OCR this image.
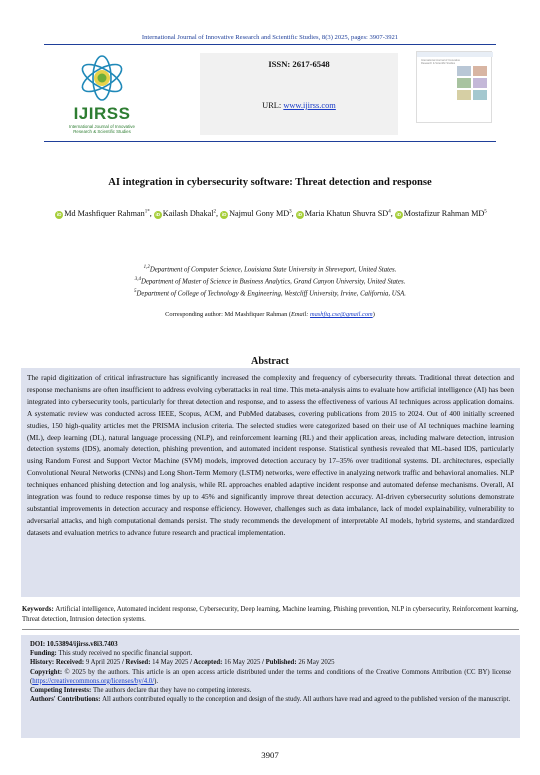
International Journal of Innovative Research and Scientific Studies, 8(3) 2025, pages: 3907-3921
IJIRSS
International Journal of Innovative
Research & Scientific Studies
ISSN: 2617-6548
URL: www.ijirss.com
International Journal of Innovative
Research & Scientific Studies
AI integration in cybersecurity software: Threat detection and response
iD Md Mashfiquer Rahman$^{1*}$, iD Kailash Dhakal$^2$, iD Najmul Gony $MD^3$, iD Maria Khatun Shuvra $SD^4$, iD Mostafizur Rahman $MD^5$
$^{1,2}$Department of Computer Science, Louisiana State University in Shreveport, United States.
$^{3,4}$Department of Master of Science in Business Analytics, Grand Canyon University, United States.
$^5$Department of College of Technology & Engineering, Westcliff University, Irvine, California, USA.
Corresponding author: Md Mashfiquer Rahman (Email: mashfiq.cse@gmail.com)
Abstract

The rapid digitization of critical infrastructure has significantly increased the complexity and frequency of cybersecurity threats. Traditional threat detection and response mechanisms are often insufficient to address evolving cyberattacks in real time. This meta-analysis aims to evaluate how artificial intelligence (AI) has been integrated into cybersecurity tools, particularly for threat detection and response, and to assess the effectiveness of various AI techniques across application domains. A systematic review was conducted across IEEE, Scopus, ACM, and PubMed databases, covering publications from 2015 to 2024. Out of 400 initially screened studies, 150 high-quality articles met the PRISMA inclusion criteria. The selected studies were categorized based on their use of AI techniques machine learning (ML), deep learning (DL), natural language processing (NLP), and reinforcement learning (RL) and their application areas, including malware detection, intrusion detection systems (IDS), anomaly detection, phishing prevention, and automated incident response. Statistical synthesis revealed that ML-based IDS, particularly using Random Forest and Support Vector Machine (SVM) models, improved detection accuracy by 17–35% over traditional systems. DL architectures, especially Convolutional Neural Networks (CNNs) and Long Short-Term Memory (LSTM) networks, were effective in analyzing network traffic and behavioral anomalies. NLP techniques enhanced phishing detection and log analysis, while RL approaches enabled adaptive incident response and automated defense mechanisms. Overall, AI integration was found to reduce response times by up to 45% and significantly improve threat detection accuracy. AI-driven cybersecurity solutions demonstrate substantial improvements in detection accuracy and response efficiency. However, challenges such as data imbalance, lack of model explainability, vulnerability to adversarial attacks, and high computational demands persist. The study recommends the development of interpretable AI models, hybrid systems, and standardized datasets and evaluation metrics to advance future research and practical implementation.

Keywords: Artificial intelligence, Automated incident response, Cybersecurity, Deep learning, Machine learning, Phishing prevention, NLP in cybersecurity, Reinforcement learning, Threat detection, Intrusion detection systems.
DOI: 10.53894/ijirss.v8i3.7403
Funding: This study received no specific financial support.
History: Received: 9 April 2025 / Revised: 14 May 2025 / Accepted: 16 May 2025 / Published: 26 May 2025
Copyright: © 2025 by the authors. This article is an open access article distributed under the terms and conditions of the Creative Commons Attribution (CC BY) license (https://creativecommons.org/licenses/by/4.0/).
Competing Interests: The authors declare that they have no competing interests.
Authors' Contributions: All authors contributed equally to the conception and design of the study. All authors have read and agreed to the published version of the manuscript.
3907
